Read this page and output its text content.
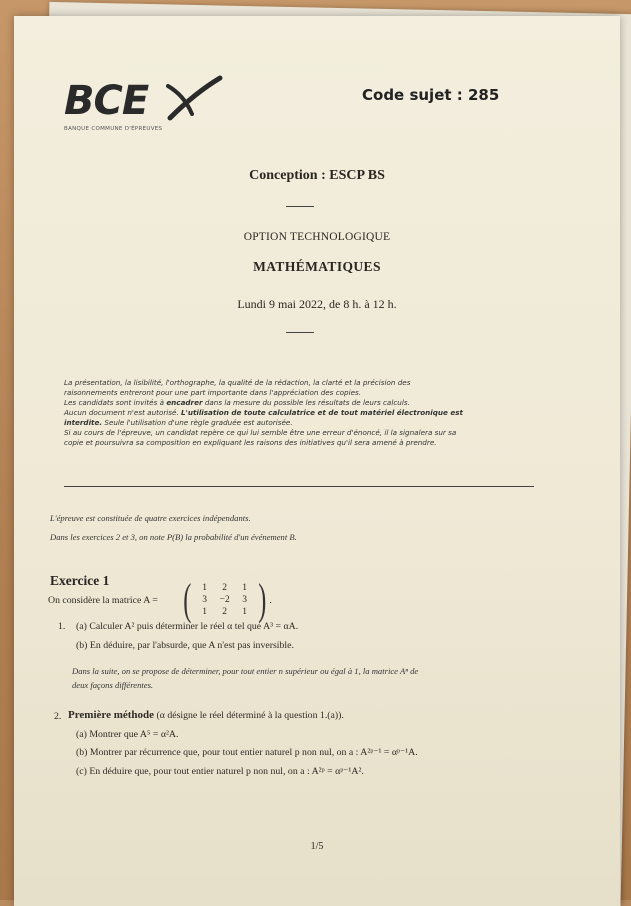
BCE
BANQUE COMMUNE D'ÉPREUVES
Code sujet : 285
Conception : ESCP BS
OPTION TECHNOLOGIQUE
MATHÉMATIQUES
Lundi 9 mai 2022, de 8 h. à 12 h.
La présentation, la lisibilité, l'orthographe, la qualité de la rédaction, la clarté et la précision des
raisonnements entreront pour une part importante dans l'appréciation des copies.
Les candidats sont invités à encadrer dans la mesure du possible les résultats de leurs calculs.
Aucun document n'est autorisé. L'utilisation de toute calculatrice et de tout matériel électronique est
interdite. Seule l'utilisation d'une règle graduée est autorisée.
Si au cours de l'épreuve, un candidat repère ce qui lui semble être une erreur d'énoncé, il la signalera sur sa
copie et poursuivra sa composition en expliquant les raisons des initiatives qu'il sera amené à prendre.
L'épreuve est constituée de quatre exercices indépendants.
Dans les exercices 2 et 3, on note P(B) la probabilité d'un événement B.
Exercice 1
On considère la matrice A = (	1	2	1
3	−2	3
1	2	1 ) .
1. (a) Calculer A² puis déterminer le réel α tel que A³ = αA.
(b) En déduire, par l'absurde, que A n'est pas inversible.
Dans la suite, on se propose de déterminer, pour tout entier n supérieur ou égal à 1, la matrice Aⁿ de
deux façons différentes.
2. Première méthode (α désigne le réel déterminé à la question 1.(a)).
(a) Montrer que A⁵ = α²A.
(b) Montrer par récurrence que, pour tout entier naturel p non nul, on a : A²ᵖ⁻¹ = αᵖ⁻¹A.
(c) En déduire que, pour tout entier naturel p non nul, on a : A²ᵖ = αᵖ⁻¹A².
1/5
